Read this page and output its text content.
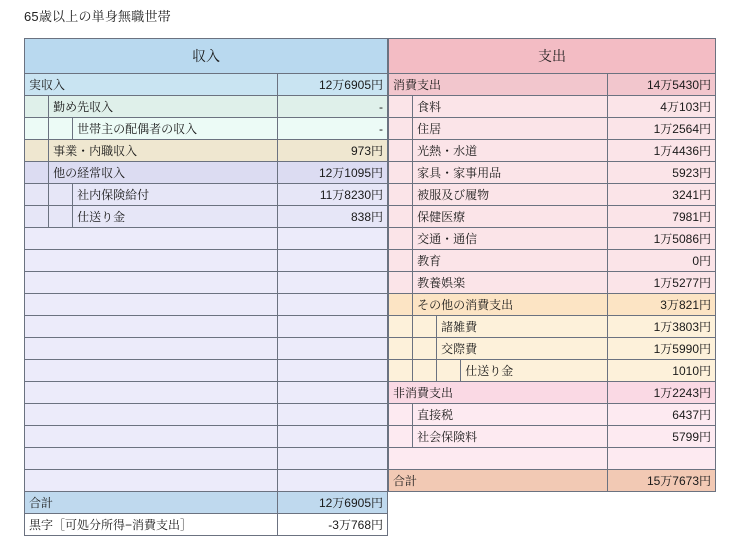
65歳以上の単身無職世帯
収入			
実収入			12万6905円
	勤め先収入		-
		世帯主の配偶者の収入	-
	事業・内職収入		973円
	他の経常収入		12万1095円
		社内保険給付	11万8230円
		仕送り金	838円

合計			12万6905円
黒字［可処分所得−消費支出］			-3万768円
支出				
消費支出				14万5430円
	食料			4万103円
	住居			1万2564円
	光熱・水道			1万4436円
	家具・家事用品			5923円
	被服及び履物			3241円
	保健医療			7981円
	交通・通信			1万5086円
	教育			0円
	教養娯楽			1万5277円
	その他の消費支出			3万821円
		諸雑費		1万3803円
		交際費		1万5990円
			仕送り金	1010円
非消費支出				1万2243円
	直接税			6437円
	社会保険料			5799円

合計				15万7673円
